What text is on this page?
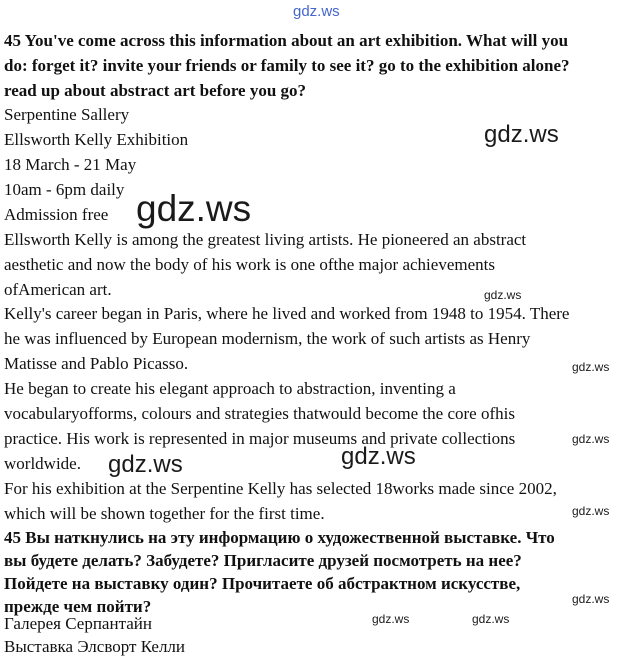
45 You've come across this information about an art exhibition. What will you
do: forget it? invite your friends or family to see it? go to the exhibition alone?
read up about abstract art before you go?
Serpentine Sallery
Ellsworth Kelly Exhibition
18 March - 21 May
10am - 6pm daily
Admission free
Ellsworth Kelly is among the greatest living artists. He pioneered an abstract
aesthetic and now the body of his work is one ofthe major achievements
ofAmerican art.
Kelly's career began in Paris, where he lived and worked from 1948 to 1954. There
he was influenced by European modernism, the work of such artists as Henry
Matisse and Pablo Picasso.
He began to create his elegant approach to abstraction, inventing a
vocabularyofforms, colours and strategies thatwould become the core ofhis
practice. His work is represented in major museums and private collections
worldwide.
For his exhibition at the Serpentine Kelly has selected 18works made since 2002,
which will be shown together for the first time.
45 Вы наткнулись на эту информацию о художественной выставке. Что
вы будете делать? Забудете? Пригласите друзей посмотреть на нее?
Пойдете на выставку один? Прочитаете об абстрактном искусстве,
прежде чем пойти?
Галерея Серпантайн
Выставка Элсворт Келли
gdz.ws
gdz.ws
gdz.ws
gdz.ws
gdz.ws
gdz.ws
gdz.ws	gdz.ws
gdz.ws
gdz.ws
gdz.ws	gdz.ws
